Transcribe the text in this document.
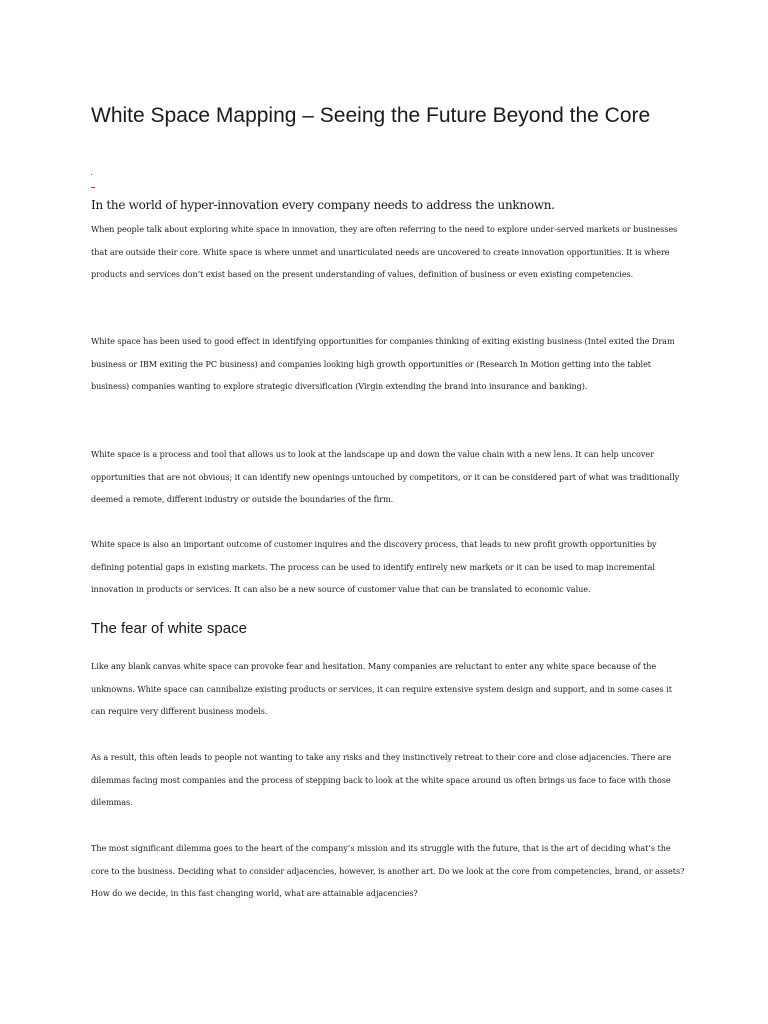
White Space Mapping – Seeing the Future Beyond the Core

In the world of hyper-innovation every company needs to address the unknown.

When people talk about exploring white space in innovation, they are often referring to the need to explore under-served markets or businesses that are outside their core. White space is where unmet and unarticulated needs are uncovered to create innovation opportunities. It is where products and services don’t exist based on the present understanding of values, definition of business or even existing competencies.

White space has been used to good effect in identifying opportunities for companies thinking of exiting existing business (Intel exited the Dram business or IBM exiting the PC business) and companies looking high growth opportunities or (Research In Motion getting into the tablet business) companies wanting to explore strategic diversification (Virgin extending the brand into insurance and banking).

White space is a process and tool that allows us to look at the landscape up and down the value chain with a new lens. It can help uncover opportunities that are not obvious; it can identify new openings untouched by competitors, or it can be considered part of what was traditionally deemed a remote, different industry or outside the boundaries of the firm.

White space is also an important outcome of customer inquires and the discovery process, that leads to new profit growth opportunities by defining potential gaps in existing markets. The process can be used to identify entirely new markets or it can be used to map incremental innovation in products or services. It can also be a new source of customer value that can be translated to economic value.

The fear of white space

Like any blank canvas white space can provoke fear and hesitation. Many companies are reluctant to enter any white space because of the unknowns. White space can cannibalize existing products or services, it can require extensive system design and support, and in some cases it can require very different business models.

As a result, this often leads to people not wanting to take any risks and they instinctively retreat to their core and close adjacencies. There are dilemmas facing most companies and the process of stepping back to look at the white space around us often brings us face to face with those dilemmas.

The most significant dilemma goes to the heart of the company’s mission and its struggle with the future, that is the art of deciding what’s the core to the business. Deciding what to consider adjacencies, however, is another art. Do we look at the core from competencies, brand, or assets? How do we decide, in this fast changing world, what are attainable adjacencies?
